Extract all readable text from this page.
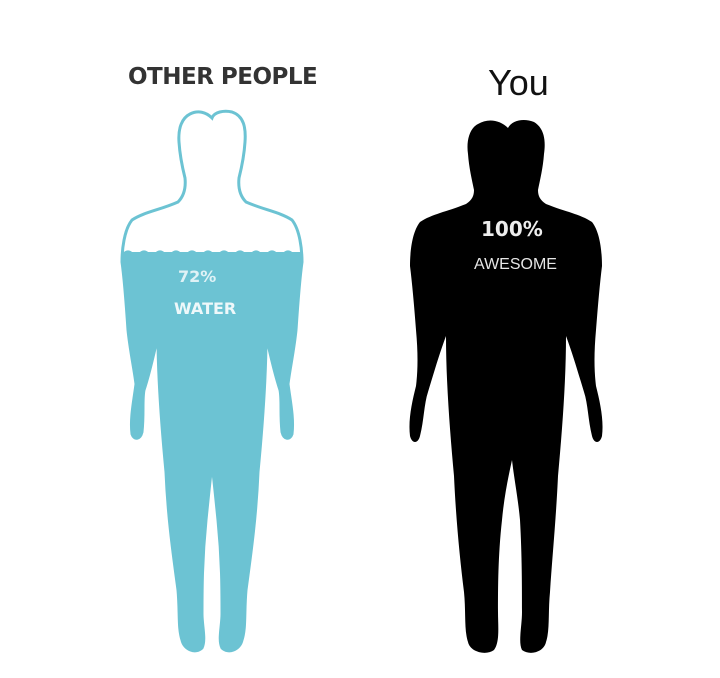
OTHER PEOPLE	You
72%
WATER
100%
AWESOME
